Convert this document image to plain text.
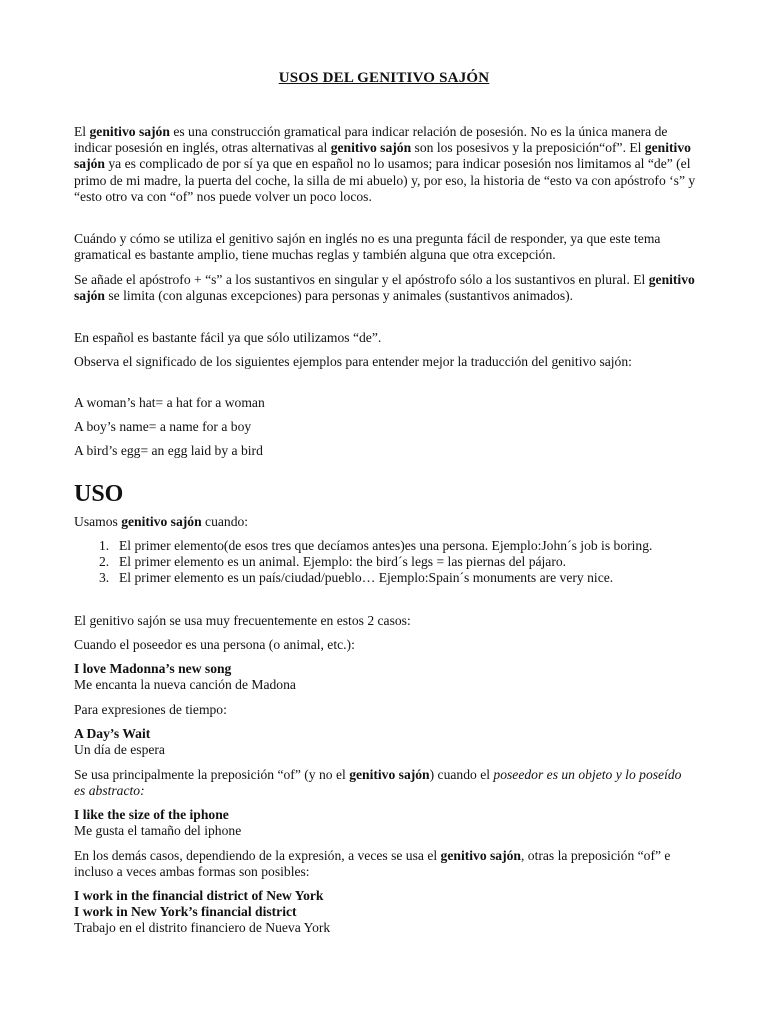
USOS DEL GENITIVO SAJÓN

El genitivo sajón es una construcción gramatical para indicar relación de posesión. No es la única manera de indicar posesión en inglés, otras alternativas al genitivo sajón son los posesivos y la preposición“of”. El genitivo sajón ya es complicado de por sí ya que en español no lo usamos; para indicar posesión nos limitamos al “de” (el primo de mi madre, la puerta del coche, la silla de mi abuelo) y, por eso, la historia de “esto va con apóstrofo ‘s” y “esto otro va con “of” nos puede volver un poco locos.

Cuándo y cómo se utiliza el genitivo sajón en inglés no es una pregunta fácil de responder, ya que este tema gramatical es bastante amplio, tiene muchas reglas y también alguna que otra excepción.

Se añade el apóstrofo + “s” a los sustantivos en singular y el apóstrofo sólo a los sustantivos en plural. El genitivo sajón se limita (con algunas excepciones) para personas y animales (sustantivos animados).

En español es bastante fácil ya que sólo utilizamos “de”.

Observa el significado de los siguientes ejemplos para entender mejor la traducción del genitivo sajón:

A woman’s hat= a hat for a woman

A boy’s name= a name for a boy

A bird’s egg= an egg laid by a bird

USO

Usamos genitivo sajón cuando:

1. El primer elemento(de esos tres que decíamos antes)es una persona. Ejemplo:John´s job is boring.
2. El primer elemento es un animal. Ejemplo: the bird´s legs = las piernas del pájaro.
3. El primer elemento es un país/ciudad/pueblo… Ejemplo:Spain´s monuments are very nice.

El genitivo sajón se usa muy frecuentemente en estos 2 casos:

Cuando el poseedor es una persona (o animal, etc.):

I love Madonna’s new song
Me encanta la nueva canción de Madona

Para expresiones de tiempo:

A Day’s Wait
Un día de espera

Se usa principalmente la preposición “of” (y no el genitivo sajón) cuando el poseedor es un objeto y lo poseído es abstracto:

I like the size of the iphone
Me gusta el tamaño del iphone

En los demás casos, dependiendo de la expresión, a veces se usa el genitivo sajón, otras la preposición “of” e incluso a veces ambas formas son posibles:

I work in the financial district of New York
I work in New York’s financial district
Trabajo en el distrito financiero de Nueva York
